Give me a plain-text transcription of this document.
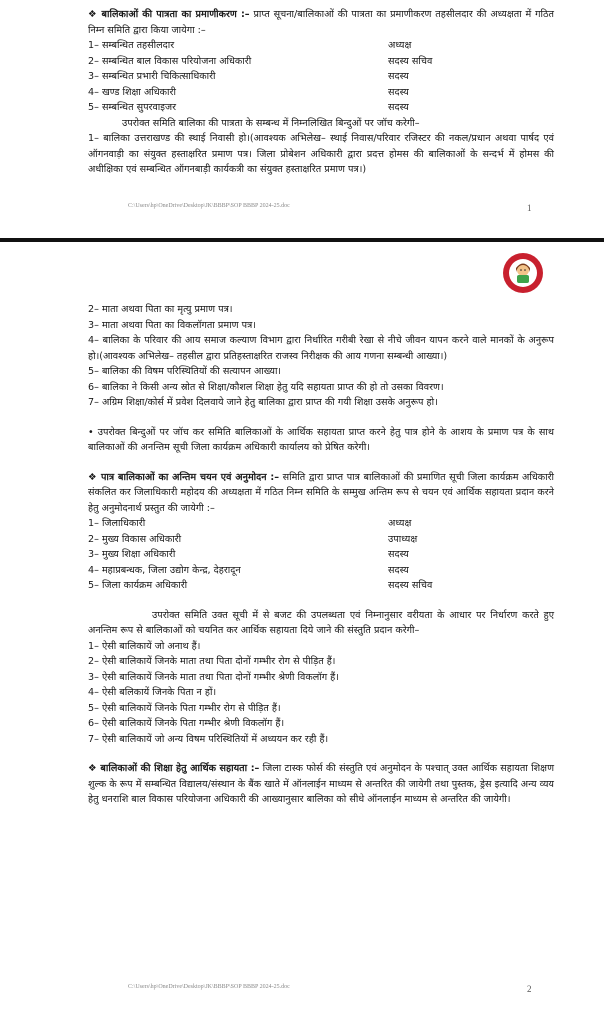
❖ बालिकाओं की पात्रता का प्रमाणीकरण :– प्राप्त सूचना/बालिकाओं की पात्रता का प्रमाणीकरण तहसीलदार की अध्यक्षता में गठित निम्न समिति द्वारा किया जायेगा :–

1– सम्बन्धित तहसीलदार	अध्यक्ष
2– सम्बन्धित बाल विकास परियोजना अधिकारी	सदस्य सचिव
3– सम्बन्धित प्रभारी चिकित्साधिकारी	सदस्य
4– खण्ड शिक्षा अधिकारी	सदस्य
5– सम्बन्धित सुपरवाइजर	सदस्य

उपरोक्त समिति बालिका की पात्रता के सम्बन्ध में निम्नलिखित बिन्दुओं पर जॉच करेगी–

1– बालिका उत्तराखण्ड की स्थाई निवासी हो।(आवश्यक अभिलेख– स्थाई निवास/परिवार रजिस्टर की नकल/प्रधान अथवा पार्षद एवं ऑगनवाड़ी का संयुक्त हस्ताक्षरित प्रमाण पत्र। जिला प्रोबेशन अधिकारी द्वारा प्रदत्त होमस की बालिकाओं के सन्दर्भ में होमस की अधीक्षिका एवं सम्बन्धित ऑगनबाड़ी कार्यकत्री का संयुक्त हस्ताक्षरित प्रमाण पत्र।)

C:\Users\hp\OneDrive\Desktop\JK\BBBP\SOP BBBP 2024-25.doc	1

2– माता अथवा पिता का मृत्यु प्रमाण पत्र।

3– माता अथवा पिता का विकलॉगता प्रमाण पत्र।

4– बालिका के परिवार की आय समाज कल्याण विभाग द्वारा निर्धारित गरीबी रेखा से नीचे जीवन यापन करने वाले मानकों के अनुरूप हो।(आवश्यक अभिलेख– तहसील द्वारा प्रतिहस्ताक्षरित राजस्व निरीक्षक की आय गणना सम्बन्धी आख्या।)

5– बालिका की विषम परिस्थितियों की सत्यापन आख्या।

6– बालिका ने किसी अन्य स्रोत से शिक्षा/कौशल शिक्षा हेतु यदि सहायता प्राप्त की हो तो उसका विवरण।

7– अग्रिम शिक्षा/कोर्स में प्रवेश दिलवाये जाने हेतु बालिका द्वारा प्राप्त की गयी शिक्षा उसके अनुरूप हो।

• उपरोक्त बिन्दुओं पर जॉच कर समिति बालिकाओं के आर्थिक सहायता प्राप्त करने हेतु पात्र होने के आशय के प्रमाण पत्र के साथ बालिकाओं की अनन्तिम सूची जिला कार्यक्रम अधिकारी कार्यालय को प्रेषित करेगी।

❖ पात्र बालिकाओं का अन्तिम चयन एवं अनुमोदन :– समिति द्वारा प्राप्त पात्र बालिकाओं की प्रमाणित सूची जिला कार्यक्रम अधिकारी संकलित कर जिलाधिकारी महोदय की अध्यक्षता में गठित निम्न समिति के सम्मुख अन्तिम रूप से चयन एवं आर्थिक सहायता प्रदान करने हेतु अनुमोदनार्थ प्रस्तुत की जायेगी :–

1– जिलाधिकारी	अध्यक्ष
2– मुख्य विकास अधिकारी	उपाध्यक्ष
3– मुख्य शिक्षा अधिकारी	सदस्य
4– महाप्रबन्धक, जिला उद्योग केन्द्र, देहरादून	सदस्य
5– जिला कार्यक्रम अधिकारी	सदस्य सचिव

उपरोक्त समिति उक्त सूची में से बजट की उपलब्धता एवं निम्नानुसार वरीयता के आधार पर निर्धारण करते हुए अनन्तिम रूप से बालिकाओं को चयनित कर आर्थिक सहायता दिये जाने की संस्तुति प्रदान करेगी–

1– ऐसी बालिकायें जो अनाथ हैं।

2– ऐसी बालिकायें जिनके माता तथा पिता दोनों गम्भीर रोग से पीड़ित हैं।

3– ऐसी बालिकायें जिनके माता तथा पिता दोनों गम्भीर श्रेणी विकलॉग हैं।

4– ऐसी बलिकायें जिनके पिता न हों।

5– ऐसी बालिकायें जिनके पिता गम्भीर रोग से पीड़ित हैं।

6– ऐसी बालिकायें जिनके पिता गम्भीर श्रेणी विकलॉग हैं।

7– ऐसी बालिकायें जो अन्य विषम परिस्थितियों में अध्ययन कर रही हैं।

❖ बालिकाओं की शिक्षा हेतु आर्थिक सहायता :– जिला टास्क फोर्स की संस्तुति एवं अनुमोदन के पश्चात् उक्त आर्थिक सहायता शिक्षण शुल्क के रूप में सम्बन्धित विद्यालय/संस्थान के बैंक खाते में ऑनलाईन माध्यम से अन्तरित की जायेगी तथा पुस्तक, ड्रेस इत्यादि अन्य व्यय हेतु धनराशि बाल विकास परियोजना अधिकारी की आख्यानुसार बालिका को सीधे ऑनलाईन माध्यम से अन्तरित की जायेगी।

C:\Users\hp\OneDrive\Desktop\JK\BBBP\SOP BBBP 2024-25.doc	2
